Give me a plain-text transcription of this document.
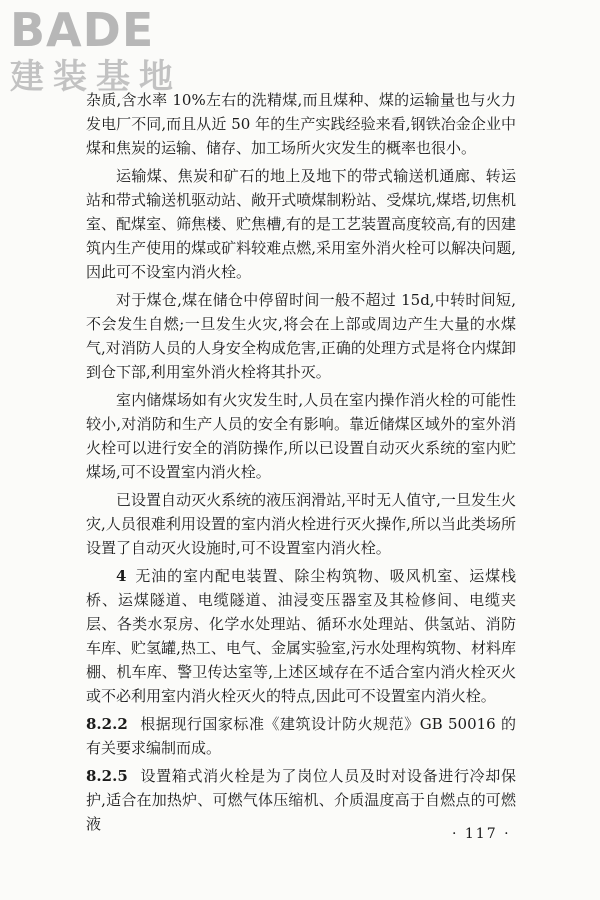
BADE
建装基地

杂质,含水率 10%左右的洗精煤,而且煤种、煤的运输量也与火力发电厂不同,而且从近 50 年的生产实践经验来看,钢铁冶金企业中煤和焦炭的运输、储存、加工场所火灾发生的概率也很小。

运输煤、焦炭和矿石的地上及地下的带式输送机通廊、转运站和带式输送机驱动站、敞开式喷煤制粉站、受煤坑,煤塔,切焦机室、配煤室、筛焦楼、贮焦槽,有的是工艺装置高度较高,有的因建筑内生产使用的煤或矿料较难点燃,采用室外消火栓可以解决问题,因此可不设室内消火栓。

对于煤仓,煤在储仓中停留时间一般不超过 15d,中转时间短,不会发生自燃;一旦发生火灾,将会在上部或周边产生大量的水煤气,对消防人员的人身安全构成危害,正确的处理方式是将仓内煤卸到仓下部,利用室外消火栓将其扑灭。

室内储煤场如有火灾发生时,人员在室内操作消火栓的可能性较小,对消防和生产人员的安全有影响。靠近储煤区域外的室外消火栓可以进行安全的消防操作,所以已设置自动灭火系统的室内贮煤场,可不设置室内消火栓。

已设置自动灭火系统的液压润滑站,平时无人值守,一旦发生火灾,人员很难利用设置的室内消火栓进行灭火操作,所以当此类场所设置了自动灭火设施时,可不设置室内消火栓。

4 无油的室内配电装置、除尘构筑物、吸风机室、运煤栈桥、运煤隧道、电缆隧道、油浸变压器室及其检修间、电缆夹层、各类水泵房、化学水处理站、循环水处理站、供氢站、消防车库、贮氢罐,热工、电气、金属实验室,污水处理构筑物、材料库棚、机车库、警卫传达室等,上述区域存在不适合室内消火栓灭火或不必利用室内消火栓灭火的特点,因此可不设置室内消火栓。

8.2.2 根据现行国家标准《建筑设计防火规范》GB 50016 的有关要求编制而成。

8.2.5 设置箱式消火栓是为了岗位人员及时对设备进行冷却保护,适合在加热炉、可燃气体压缩机、介质温度高于自燃点的可燃液

· 117 ·
